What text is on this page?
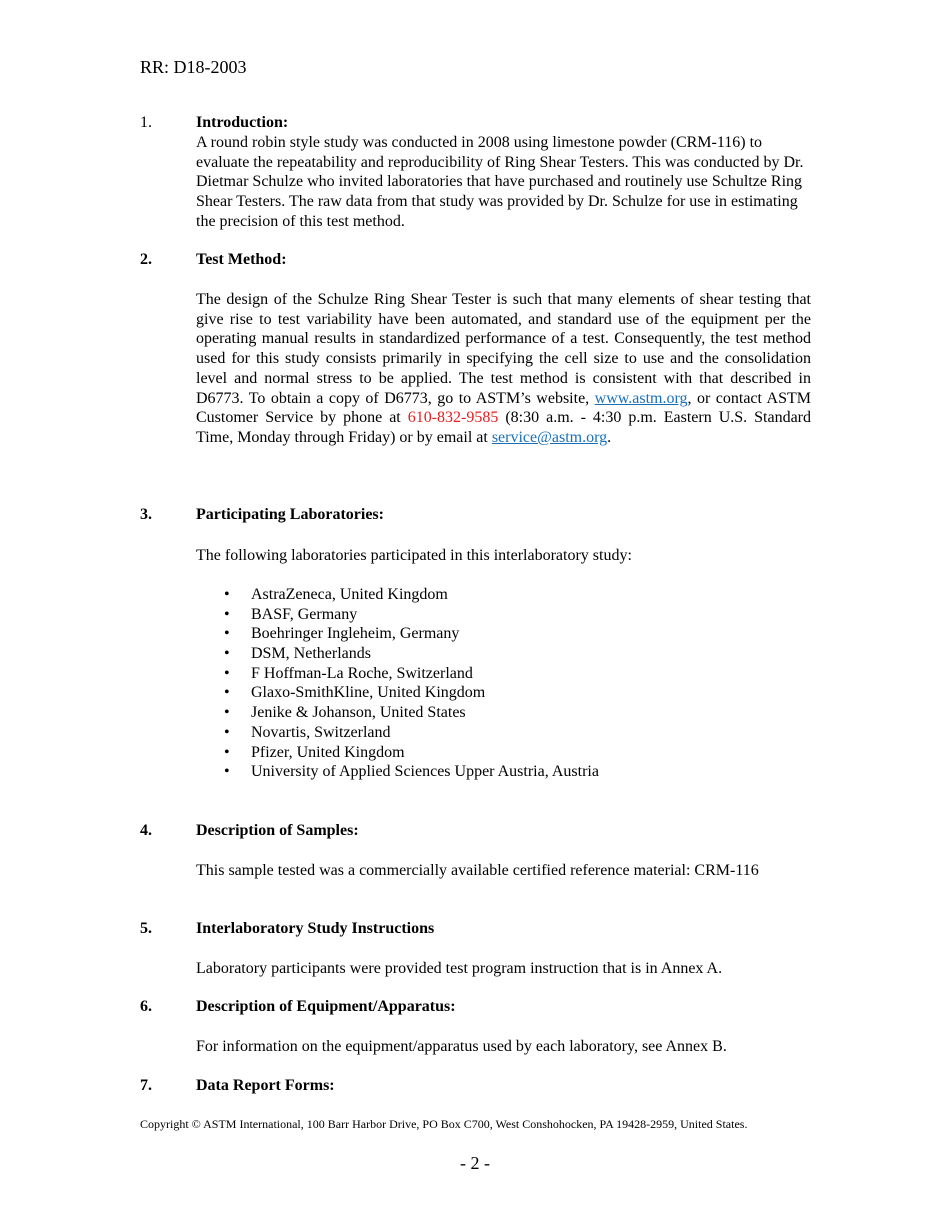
RR: D18-2003
1.	Introduction:
A round robin style study was conducted in 2008 using limestone powder (CRM-116) to evaluate the repeatability and reproducibility of Ring Shear Testers. This was conducted by Dr. Dietmar Schulze who invited laboratories that have purchased and routinely use Schultze Ring Shear Testers. The raw data from that study was provided by Dr. Schulze for use in estimating the precision of this test method.
2.	Test Method:
The design of the Schulze Ring Shear Tester is such that many elements of shear testing that give rise to test variability have been automated, and standard use of the equipment per the operating manual results in standardized performance of a test. Consequently, the test method used for this study consists primarily in specifying the cell size to use and the consolidation level and normal stress to be applied. The test method is consistent with that described in D6773. To obtain a copy of D6773, go to ASTM’s website, www.astm.org, or contact ASTM Customer Service by phone at 610-832-9585 (8:30 a.m. - 4:30 p.m. Eastern U.S. Standard Time, Monday through Friday) or by email at service@astm.org.
3.	Participating Laboratories:
The following laboratories participated in this interlaboratory study:
• AstraZeneca, United Kingdom
• BASF, Germany
• Boehringer Ingleheim, Germany
• DSM, Netherlands
• F Hoffman-La Roche, Switzerland
• Glaxo-SmithKline, United Kingdom
• Jenike & Johanson, United States
• Novartis, Switzerland
• Pfizer, United Kingdom
• University of Applied Sciences Upper Austria, Austria
4.	Description of Samples:
This sample tested was a commercially available certified reference material: CRM-116
5.	Interlaboratory Study Instructions
Laboratory participants were provided test program instruction that is in Annex A.
6.	Description of Equipment/Apparatus:
For information on the equipment/apparatus used by each laboratory, see Annex B.
7.	Data Report Forms:
Copyright © ASTM International, 100 Barr Harbor Drive, PO Box C700, West Conshohocken, PA 19428-2959, United States.
- 2 -
